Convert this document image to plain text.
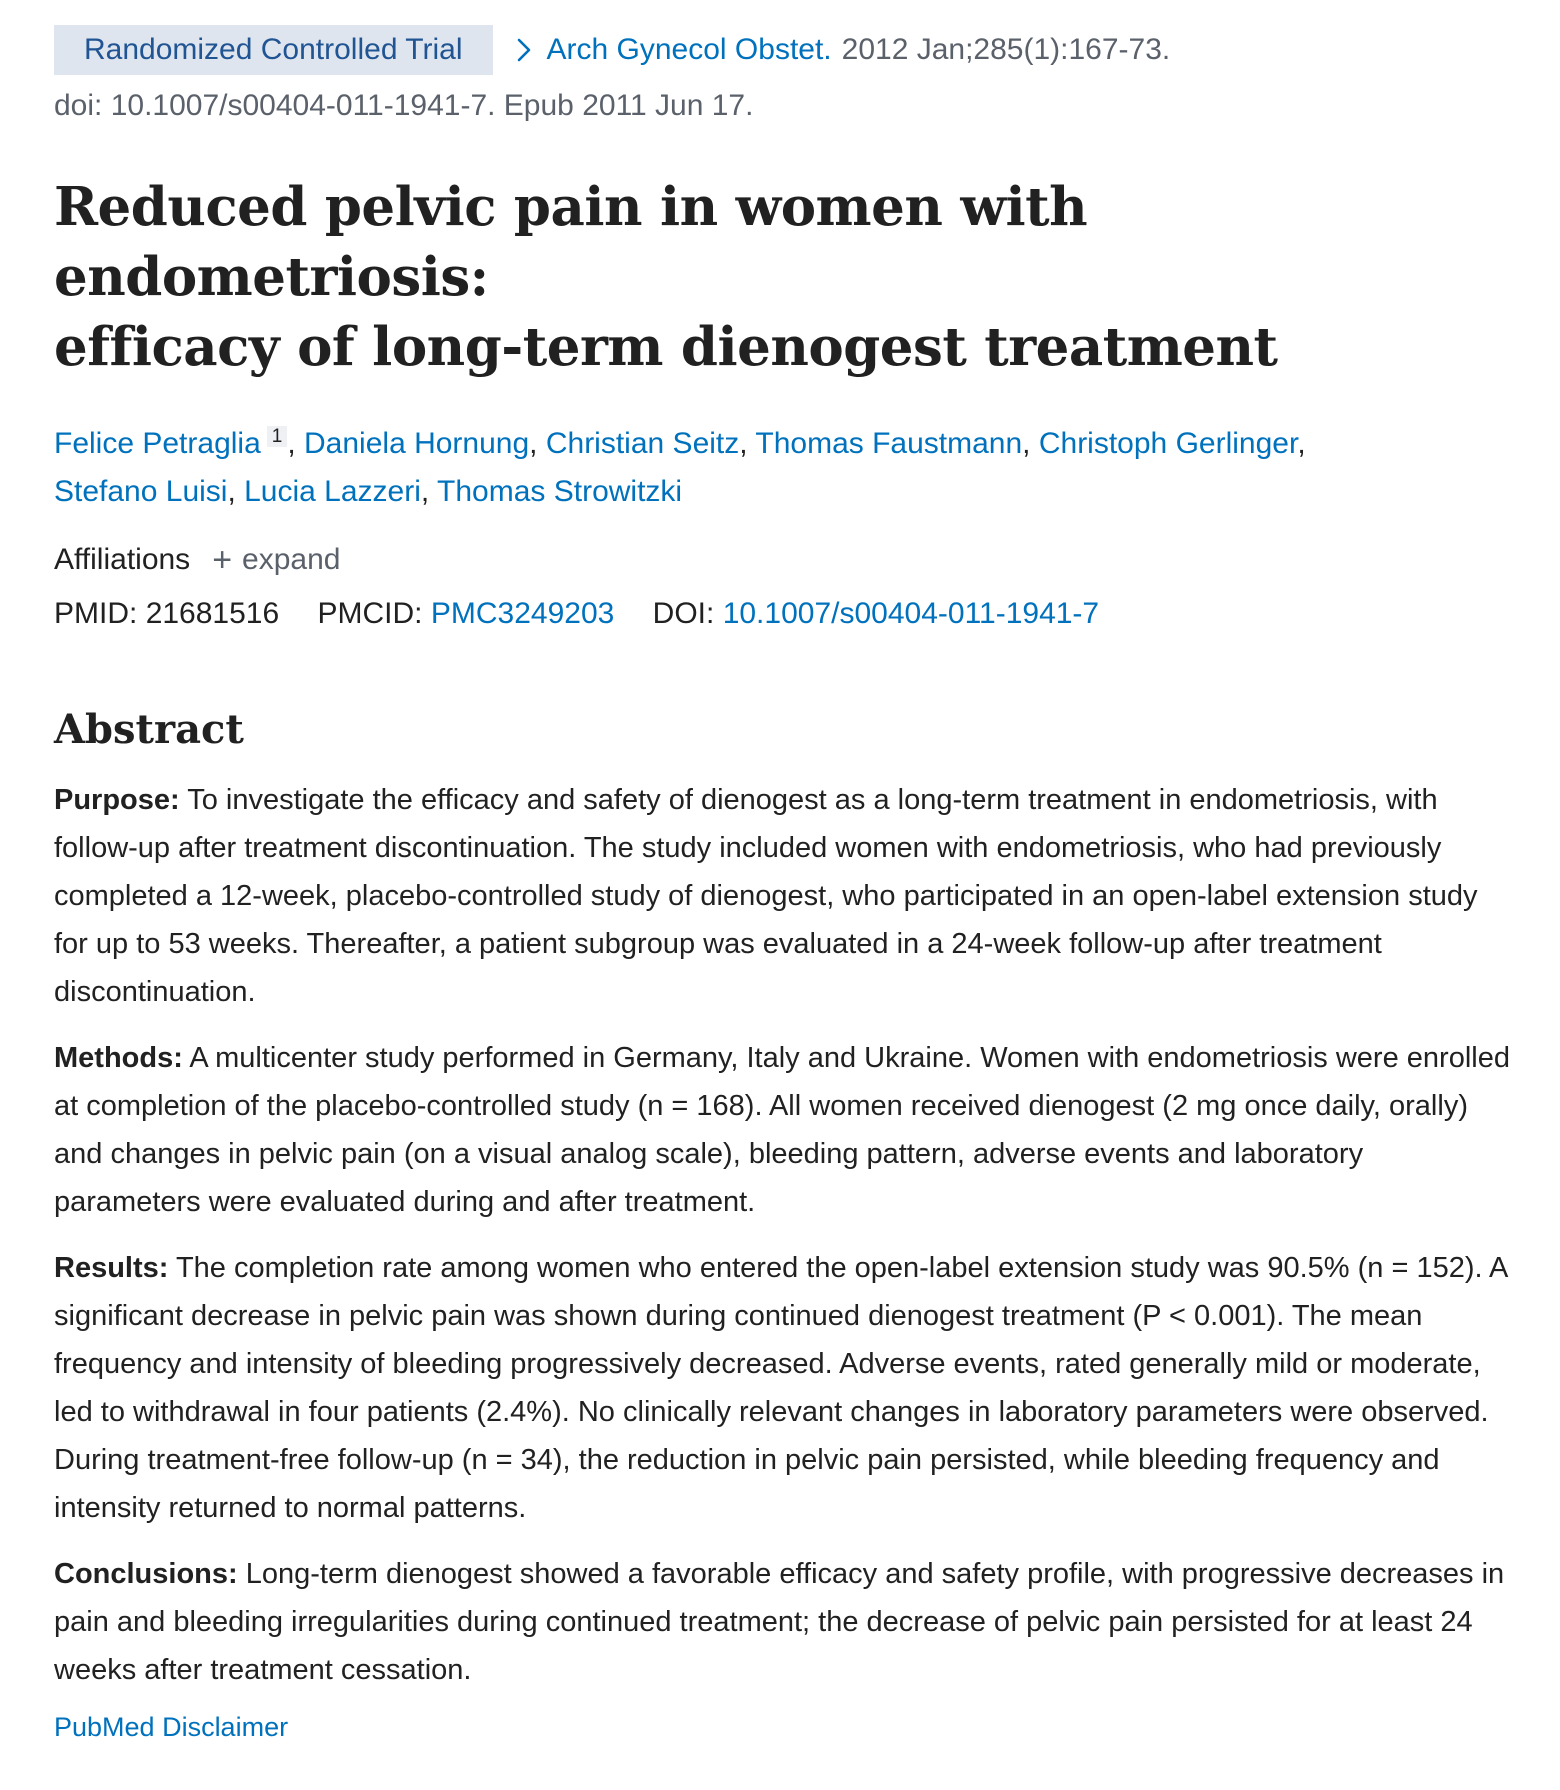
Randomized Controlled Trial	Arch Gynecol Obstet. 2012 Jan;285(1):167-73.
doi: 10.1007/s00404-011-1941-7. Epub 2011 Jun 17.
Reduced pelvic pain in women with endometriosis:
efficacy of long-term dienogest treatment
Felice Petraglia $^1$ , Daniela Hornung, Christian Seitz, Thomas Faustmann, Christoph Gerlinger,
Stefano Luisi, Lucia Lazzeri, Thomas Strowitzki
Affiliations + expand
PMID: 21681516 PMCID: PMC3249203 DOI: 10.1007/s00404-011-1941-7
Abstract

Purpose: To investigate the efficacy and safety of dienogest as a long-term treatment in endometriosis, with follow-up after treatment discontinuation. The study included women with endometriosis, who had previously completed a 12-week, placebo-controlled study of dienogest, who participated in an open-label extension study for up to 53 weeks. Thereafter, a patient subgroup was evaluated in a 24-week follow-up after treatment discontinuation.

Methods: A multicenter study performed in Germany, Italy and Ukraine. Women with endometriosis were enrolled at completion of the placebo-controlled study (n = 168). All women received dienogest (2 mg once daily, orally) and changes in pelvic pain (on a visual analog scale), bleeding pattern, adverse events and laboratory parameters were evaluated during and after treatment.

Results: The completion rate among women who entered the open-label extension study was 90.5% (n = 152). A significant decrease in pelvic pain was shown during continued dienogest treatment (P < 0.001). The mean frequency and intensity of bleeding progressively decreased. Adverse events, rated generally mild or moderate, led to withdrawal in four patients (2.4%). No clinically relevant changes in laboratory parameters were observed. During treatment-free follow-up (n = 34), the reduction in pelvic pain persisted, while bleeding frequency and intensity returned to normal patterns.

Conclusions: Long-term dienogest showed a favorable efficacy and safety profile, with progressive decreases in pain and bleeding irregularities during continued treatment; the decrease of pelvic pain persisted for at least 24 weeks after treatment cessation.

PubMed Disclaimer
